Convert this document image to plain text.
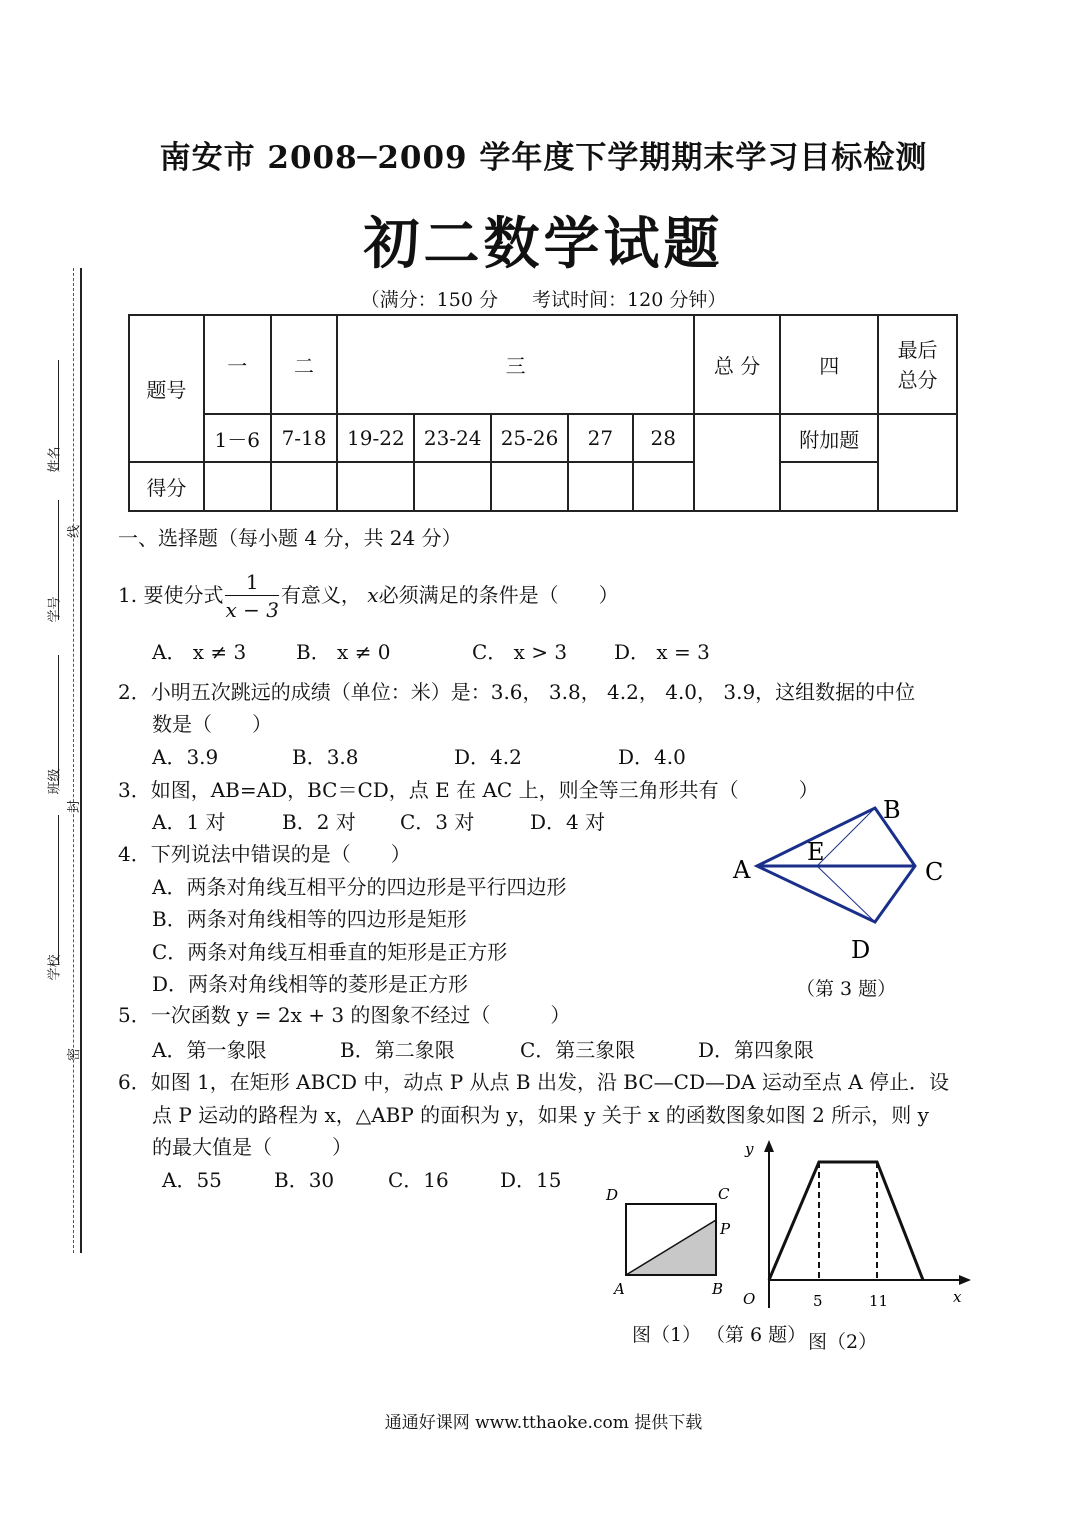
南安市 2008─2009 学年度下学期期末学习目标检测
初二数学试题
（满分：150 分 考试时间：120 分钟）
姓名
线
学号
班级
封
学校
密
题号	一	二	三					总 分	四	最后
总分

	1－6	7-18	19-22	23-24	25-26	27	28		附加题	
得分										
一、选择题（每小题 4 分，共 24 分）
1. 要使分式 $\frac{1}{x - 3}$ 有意义， x必须满足的条件是（　　）
A． x ≠ 3 B． x ≠ 0	C． x > 3 D． x = 3
2．小明五次跳远的成绩（单位：米）是：3.6， 3.8， 4.2， 4.0， 3.9，这组数据的中位
数是（　　）
A．3.9	B．3.8	D．4.2	D．4.0
3．如图，AB=AD，BC＝CD，点 E 在 AC 上，则全等三角形共有（　　　）
A．1 对	B．2 对 C．3 对	D．4 对
A
B
C
D
E
（第 3 题）
4．下列说法中错误的是（　　）
A．两条对角线互相平分的四边形是平行四边形
B．两条对角线相等的四边形是矩形
C．两条对角线互相垂直的矩形是正方形
D．两条对角线相等的菱形是正方形
5．一次函数 y = 2x + 3 的图象不经过（　　　）
A．第一象限	B．第二象限	C．第三象限	D．第四象限
6．如图 1，在矩形 ABCD 中，动点 P 从点 B 出发，沿 BC—CD—DA 运动至点 A 停止．设
点 P 运动的路程为 x，△ABP 的面积为 y，如果 y 关于 x 的函数图象如图 2 所示，则 y
的最大值是（　　　）
A．55	B．30	C．16	D．15
D	C
P
A	B
y
x
O	5	11
图（1） （第 6 题） 图（2）
通通好课网 www.tthaoke.com 提供下载
